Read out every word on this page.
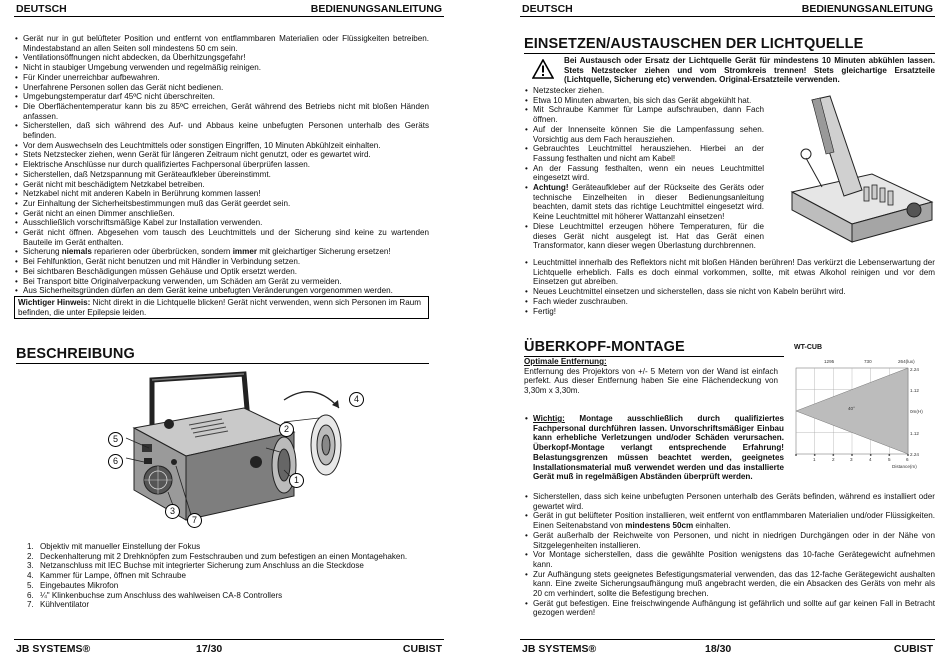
DEUTSCH	BEDIENUNGSANLEITUNG
• Gerät nur in gut belüfteter Position und entfernt von entflammbaren Materialien oder Flüssigkeiten betreiben. Mindestabstand an allen Seiten soll mindestens 50 cm sein.
• Ventilationsöffnungen nicht abdecken, da Überhitzungsgefahr!
• Nicht in staubiger Umgebung verwenden und regelmäßig reinigen.
• Für Kinder unerreichbar aufbewahren.
• Unerfahrene Personen sollen das Gerät nicht bedienen.
• Umgebungstemperatur darf 45ºC nicht überschreiten.
• Die Oberflächentemperatur kann bis zu 85ºC erreichen, Gerät während des Betriebs nicht mit bloßen Händen anfassen.
• Sicherstellen, daß sich während des Auf- und Abbaus keine unbefugten Personen unterhalb des Geräts befinden.
• Vor dem Auswechseln des Leuchtmittels oder sonstigen Eingriffen, 10 Minuten Abkühlzeit einhalten.
• Stets Netzstecker ziehen, wenn Gerät für längeren Zeitraum nicht genutzt, oder es gewartet wird.
• Elektrische Anschlüsse nur durch qualifiziertes Fachpersonal überprüfen lassen.
• Sicherstellen, daß Netzspannung mit Geräteaufkleber übereinstimmt.
• Gerät nicht mit beschädigtem Netzkabel betreiben.
• Netzkabel nicht mit anderen Kabeln in Berührung kommen lassen!
• Zur Einhaltung der Sicherheitsbestimmungen muß das Gerät geerdet sein.
• Gerät nicht an einen Dimmer anschließen.
• Ausschließlich vorschriftsmäßige Kabel zur Installation verwenden.
• Gerät nicht öffnen. Abgesehen vom tausch des Leuchtmittels und der Sicherung sind keine zu wartenden Bauteile im Gerät enthalten.
• Sicherung niemals reparieren oder überbrücken, sondern immer mit gleichartiger Sicherung ersetzen!
• Bei Fehlfunktion, Gerät nicht benutzen und mit Händler in Verbindung setzen.
• Bei sichtbaren Beschädigungen müssen Gehäuse und Optik ersetzt werden.
• Bei Transport bitte Originalverpackung verwenden, um Schäden am Gerät zu vermeiden.
• Aus Sicherheitsgründen dürfen an dem Gerät keine unbefugten Veränderungen vorgenommen werden.
Wichtiger Hinweis: Nicht direkt in die Lichtquelle blicken! Gerät nicht verwenden, wenn sich Personen im Raum befinden, die unter Epilepsie leiden.
BESCHREIBUNG
4
2
1
5
6
3
7
1. Objektiv mit manueller Einstellung der Fokus
2. Deckenhalterung mit 2 Drehknöpfen zum Festschrauben und zum befestigen an einen Montagehaken.
3. Netzanschluss mit IEC Buchse mit integrierter Sicherung zum Anschluss an die Steckdose
4. Kammer für Lampe, öffnen mit Schraube
5. Eingebautes Mikrofon
6. ¼" Klinkenbuchse zum Anschluss des wahlweisen CA-8 Controllers
7. Kühlventilator
JB SYSTEMS®	17/30	CUBIST
DEUTSCH	BEDIENUNGSANLEITUNG
EINSETZEN/AUSTAUSCHEN DER LICHTQUELLE
Bei Austausch oder Ersatz der Lichtquelle Gerät für mindestens 10 Minuten abkühlen lassen. Stets Netzstecker ziehen und vom Stromkreis trennen! Stets gleichartige Ersatzteile (Lichtquelle, Sicherung etc) verwenden. Original-Ersatzteile verwenden.
• Netzstecker ziehen.
• Etwa 10 Minuten abwarten, bis sich das Gerät abgekühlt hat.
• Mit Schraube Kammer für Lampe aufschrauben, dann Fach öffnen.
• Auf der Innenseite können Sie die Lampenfassung sehen. Vorsichtig aus dem Fach herausziehen.
• Gebrauchtes Leuchtmittel herausziehen. Hierbei an der Fassung festhalten und nicht am Kabel!
• An der Fassung festhalten, wenn ein neues Leuchtmittel eingesetzt wird.
• Achtung! Geräteaufkleber auf der Rückseite des Geräts oder technische Einzelheiten in dieser Bedienungsanleitung beachten, damit stets das richtige Leuchtmittel eingesetzt wird. Keine Leuchtmittel mit höherer Wattanzahl einsetzen!
• Diese Leuchtmittel erzeugen höhere Temperaturen, für die dieses Gerät nicht ausgelegt ist. Hat das Gerät einen Transformator, kann dieser wegen Überlastung durchbrennen.
• Leuchtmittel innerhalb des Reflektors nicht mit bloßen Händen berühren! Das verkürzt die Lebenserwartung der Lichtquelle erheblich. Falls es doch einmal vorkommen, sollte, mit etwas Alkohol reinigen und vor dem Einsetzen gut abreiben.
• Neues Leuchtmittel einsetzen und sicherstellen, dass sie nicht von Kabeln berührt wird.
• Fach wieder zuschrauben.
• Fertig!
ÜBERKOPF-MONTAGE
Optimale Entfernung:
Entfernung des Projektors von +/- 5 Metern von der Wand ist einfach perfekt. Aus dieser Entfernung haben Sie eine Flächendeckung von 3,30m x 3,30m.
WT-CUB
1295	730	264(lux)
40°
2.24
1.12
0m(H)
1.12
2.24
1	2	3	4	5	6
Distance(m)
• Wichtig: Montage ausschließlich durch qualifiziertes Fachpersonal durchführen lassen. Unvorschriftsmäßiger Einbau kann erhebliche Verletzungen und/oder Schäden verursachen. Überkopf-Montage verlangt entsprechende Erfahrung! Belastungsgrenzen müssen beachtet werden, geeignetes Installationsmaterial muß verwendet werden und das installierte Gerät muß in regelmäßigen Abständen überprüft werden.
• Sicherstellen, dass sich keine unbefugten Personen unterhalb des Geräts befinden, während es installiert oder gewartet wird.
• Gerät in gut belüfteter Position installieren, weit entfernt von entflammbaren Materialien und/oder Flüssigkeiten. Einen Seitenabstand von mindestens 50cm einhalten.
• Gerät außerhalb der Reichweite von Personen, und nicht in niedrigen Durchgängen oder in der Nähe von Sitzgelegenheiten installieren.
• Vor Montage sicherstellen, dass die gewählte Position wenigstens das 10-fache Gerätegewicht aufnehmen kann.
• Zur Aufhängung stets geeignetes Befestigungsmaterial verwenden, das das 12-fache Gerätegewicht aushalten kann. Eine zweite Sicherungsaufhängung muß angebracht werden, die ein Absacken des Geräts von mehr als 20 cm verhindert, sollte die Befestigung brechen.
• Gerät gut befestigen. Eine freischwingende Aufhängung ist gefährlich und sollte auf gar keinen Fall in Betracht gezogen werden!
JB SYSTEMS®	18/30	CUBIST
